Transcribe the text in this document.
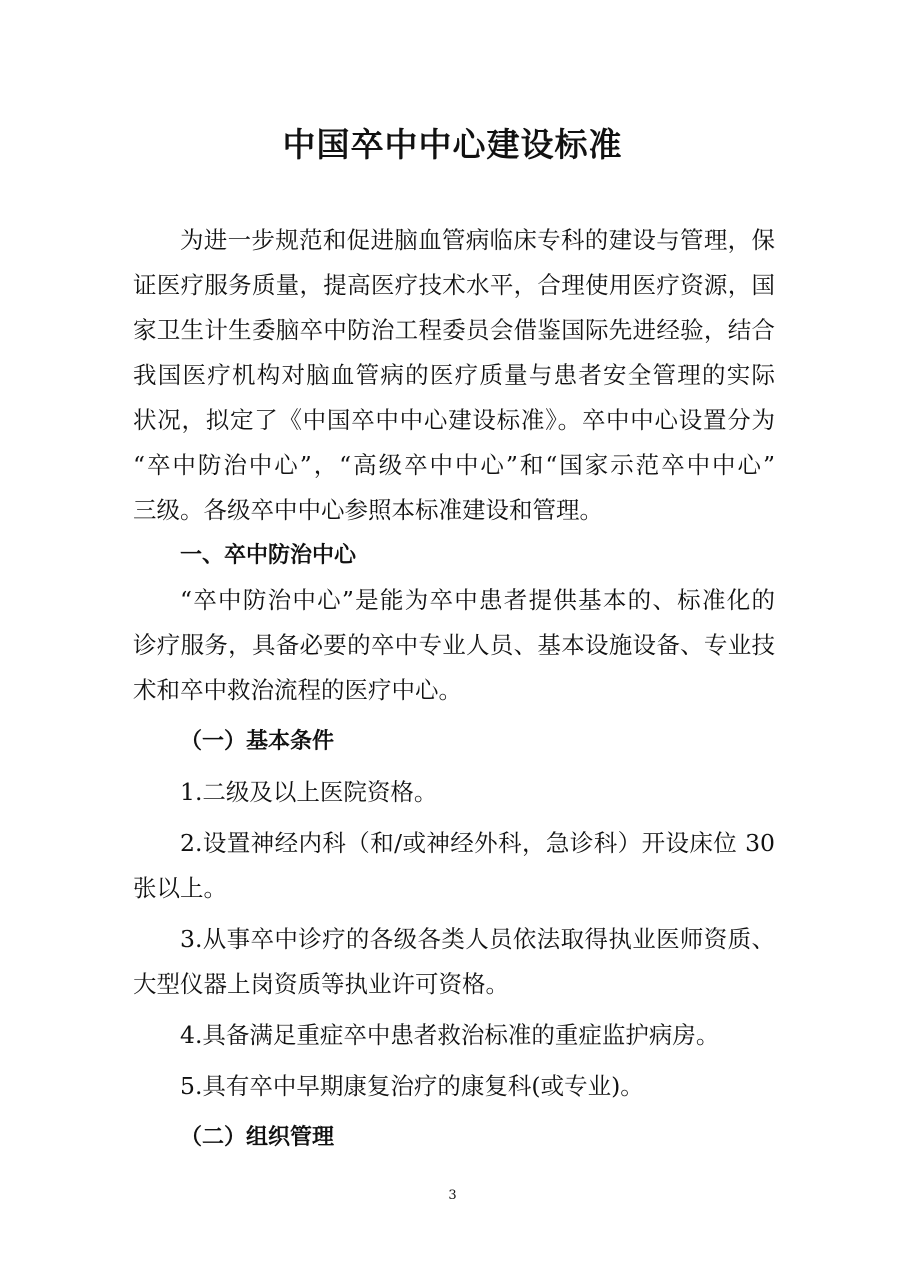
中国卒中中心建设标准

为进一步规范和促进脑血管病临床专科的建设与管理，保
证医疗服务质量，提高医疗技术水平，合理使用医疗资源，国
家卫生计生委脑卒中防治工程委员会借鉴国际先进经验，结合
我国医疗机构对脑血管病的医疗质量与患者安全管理的实际
状况，拟定了《中国卒中中心建设标准》。卒中中心设置分为
“卒中防治中心”，“高级卒中中心”和“国家示范卒中中心”
三级。各级卒中中心参照本标准建设和管理。

一、卒中防治中心

“卒中防治中心”是能为卒中患者提供基本的、标准化的
诊疗服务，具备必要的卒中专业人员、基本设施设备、专业技
术和卒中救治流程的医疗中心。

（一）基本条件

1.二级及以上医院资格。

2.设置神经内科（和/或神经外科，急诊科）开设床位 30
张以上。

3.从事卒中诊疗的各级各类人员依法取得执业医师资质、
大型仪器上岗资质等执业许可资格。

4.具备满足重症卒中患者救治标准的重症监护病房。

5.具有卒中早期康复治疗的康复科(或专业)。

（二）组织管理

3
